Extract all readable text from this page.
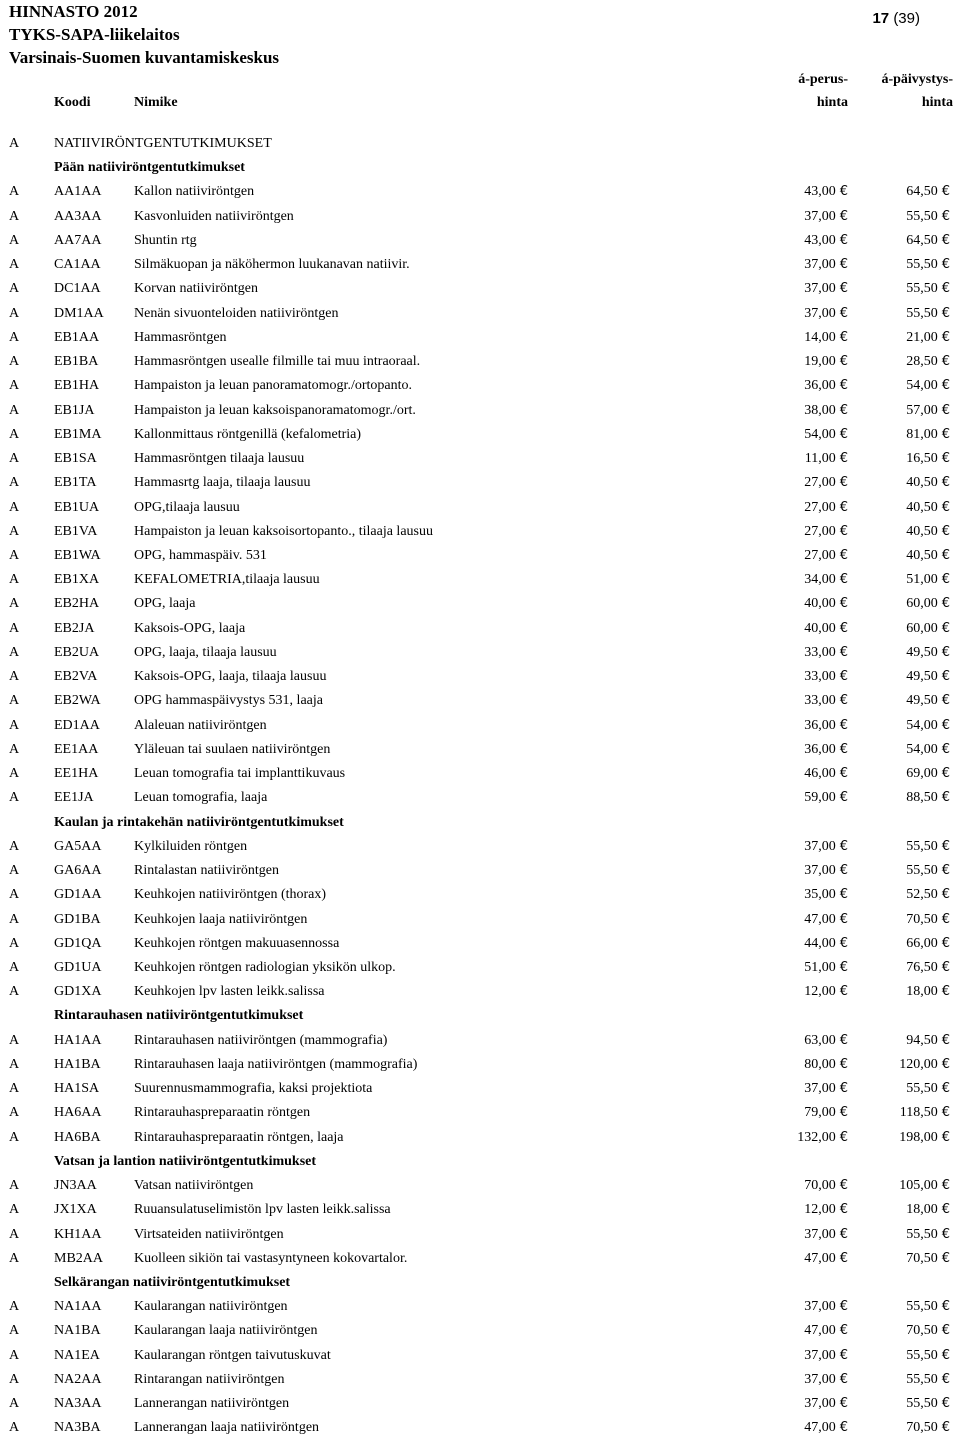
HINNASTO 2012
TYKS-SAPA-liikelaitos
Varsinais-Suomen kuvantamiskeskus
17 (39)
Koodi	Nimike
á-perus-
hinta
á-päivystys-
hinta
A NATIIVIRÖNTGENTUTKIMUKSET
Pään natiiviröntgentutkimukset
A AA1AA Kallon natiiviröntgen	43,00 €	64,50 €
A AA3AA Kasvonluiden natiiviröntgen	37,00 €	55,50 €
A AA7AA Shuntin rtg	43,00 €	64,50 €
A CA1AA Silmäkuopan ja näköhermon luukanavan natiivir.	37,00 €	55,50 €
A DC1AA Korvan natiiviröntgen	37,00 €	55,50 €
A DM1AA Nenän sivuonteloiden natiiviröntgen	37,00 €	55,50 €
A EB1AA Hammasröntgen	14,00 €	21,00 €
A EB1BA	Hammasröntgen usealle filmille tai muu intraoraal.	19,00 €	28,50 €
A EB1HA Hampaiston ja leuan panoramatomogr./ortopanto.	36,00 €	54,00 €
A EB1JA	Hampaiston ja leuan kaksoispanoramatomogr./ort.	38,00 €	57,00 €
A EB1MA Kallonmittaus röntgenillä (kefalometria)	54,00 €	81,00 €
A EB1SA	Hammasröntgen tilaaja lausuu	11,00 €	16,50 €
A EB1TA	Hammasrtg laaja, tilaaja lausuu	27,00 €	40,50 €
A EB1UA OPG,tilaaja lausuu	27,00 €	40,50 €
A EB1VA	Hampaiston ja leuan kaksoisortopanto., tilaaja lausuu	27,00 €	40,50 €
A EB1WA OPG, hammaspäiv. 531	27,00 €	40,50 €
A EB1XA KEFALOMETRIA,tilaaja lausuu	34,00 €	51,00 €
A EB2HA OPG, laaja	40,00 €	60,00 €
A EB2JA	Kaksois-OPG, laaja	40,00 €	60,00 €
A EB2UA OPG, laaja, tilaaja lausuu	33,00 €	49,50 €
A EB2VA	Kaksois-OPG, laaja, tilaaja lausuu	33,00 €	49,50 €
A EB2WA OPG hammaspäivystys 531, laaja	33,00 €	49,50 €
A ED1AA Alaleuan natiiviröntgen	36,00 €	54,00 €
A EE1AA	Yläleuan tai suulaen natiiviröntgen	36,00 €	54,00 €
A EE1HA	Leuan tomografia tai implanttikuvaus	46,00 €	69,00 €
A EE1JA	Leuan tomografia, laaja	59,00 €	88,50 €
Kaulan ja rintakehän natiiviröntgentutkimukset
A GA5AA Kylkiluiden röntgen	37,00 €	55,50 €
A GA6AA Rintalastan natiiviröntgen	37,00 €	55,50 €
A GD1AA Keuhkojen natiiviröntgen (thorax)	35,00 €	52,50 €
A GD1BA Keuhkojen laaja natiiviröntgen	47,00 €	70,50 €
A GD1QA Keuhkojen röntgen makuuasennossa	44,00 €	66,00 €
A GD1UA Keuhkojen röntgen radiologian yksikön ulkop.	51,00 €	76,50 €
A GD1XA Keuhkojen lpv lasten leikk.salissa	12,00 €	18,00 €
Rintarauhasen natiiviröntgentutkimukset
A HA1AA Rintarauhasen natiiviröntgen (mammografia)	63,00 €	94,50 €
A HA1BA Rintarauhasen laaja natiiviröntgen (mammografia)	80,00 €	120,00 €
A HA1SA Suurennusmammografia, kaksi projektiota	37,00 €	55,50 €
A HA6AA Rintarauhaspreparaatin röntgen	79,00 €	118,50 €
A HA6BA Rintarauhaspreparaatin röntgen, laaja	132,00 €	198,00 €
Vatsan ja lantion natiiviröntgentutkimukset
A JN3AA	Vatsan natiiviröntgen	70,00 €	105,00 €
A JX1XA	Ruuansulatuselimistön lpv lasten leikk.salissa	12,00 €	18,00 €
A KH1AA Virtsateiden natiiviröntgen	37,00 €	55,50 €
A MB2AA Kuolleen sikiön tai vastasyntyneen kokovartalor.	47,00 €	70,50 €
Selkärangan natiiviröntgentutkimukset
A NA1AA Kaularangan natiiviröntgen	37,00 €	55,50 €
A NA1BA Kaularangan laaja natiiviröntgen	47,00 €	70,50 €
A NA1EA Kaularangan röntgen taivutuskuvat	37,00 €	55,50 €
A NA2AA Rintarangan natiiviröntgen	37,00 €	55,50 €
A NA3AA Lannerangan natiiviröntgen	37,00 €	55,50 €
A NA3BA Lannerangan laaja natiiviröntgen	47,00 €	70,50 €
